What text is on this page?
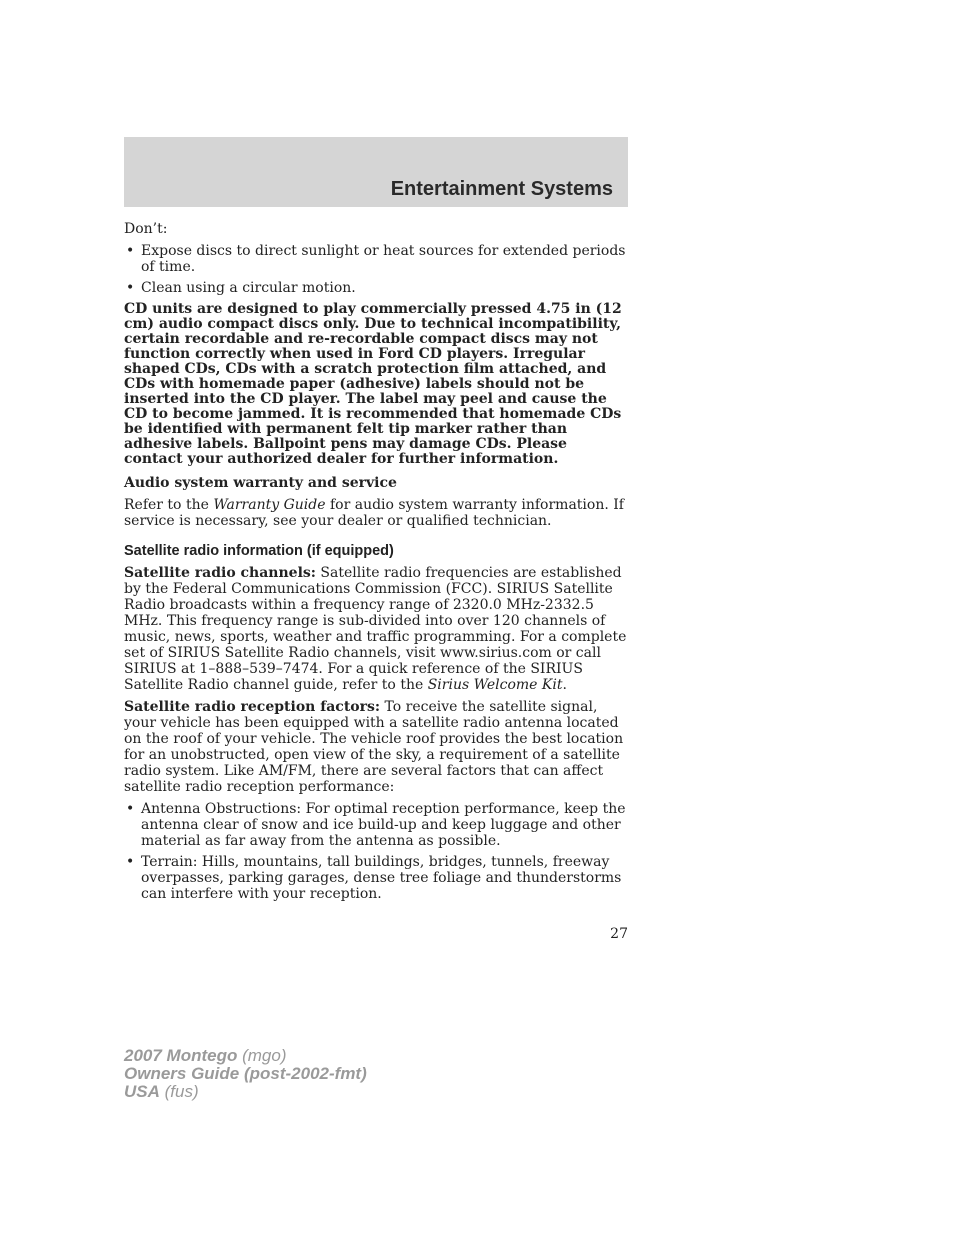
Entertainment Systems

Don’t:

• Expose discs to direct sunlight or heat sources for extended periods of time.
• Clean using a circular motion.

CD units are designed to play commercially pressed 4.75 in (12 cm) audio compact discs only. Due to technical incompatibility, certain recordable and re-recordable compact discs may not function correctly when used in Ford CD players. Irregular shaped CDs, CDs with a scratch protection film attached, and CDs with homemade paper (adhesive) labels should not be inserted into the CD player. The label may peel and cause the CD to become jammed. It is recommended that homemade CDs be identified with permanent felt tip marker rather than adhesive labels. Ballpoint pens may damage CDs. Please contact your authorized dealer for further information.

Audio system warranty and service

Refer to the Warranty Guide for audio system warranty information. If service is necessary, see your dealer or qualified technician.

Satellite radio information (if equipped)

Satellite radio channels: Satellite radio frequencies are established by the Federal Communications Commission (FCC). SIRIUS Satellite Radio broadcasts within a frequency range of 2320.0 MHz-2332.5 MHz. This frequency range is sub-divided into over 120 channels of music, news, sports, weather and traffic programming. For a complete set of SIRIUS Satellite Radio channels, visit www.sirius.com or call SIRIUS at 1–888–539–7474. For a quick reference of the SIRIUS Satellite Radio channel guide, refer to the Sirius Welcome Kit.

Satellite radio reception factors: To receive the satellite signal, your vehicle has been equipped with a satellite radio antenna located on the roof of your vehicle. The vehicle roof provides the best location for an unobstructed, open view of the sky, a requirement of a satellite radio system. Like AM/FM, there are several factors that can affect satellite radio reception performance:

• Antenna Obstructions: For optimal reception performance, keep the antenna clear of snow and ice build-up and keep luggage and other material as far away from the antenna as possible.
• Terrain: Hills, mountains, tall buildings, bridges, tunnels, freeway overpasses, parking garages, dense tree foliage and thunderstorms can interfere with your reception.
27
2007 Montego (mgo)
Owners Guide (post-2002-fmt)
USA (fus)
